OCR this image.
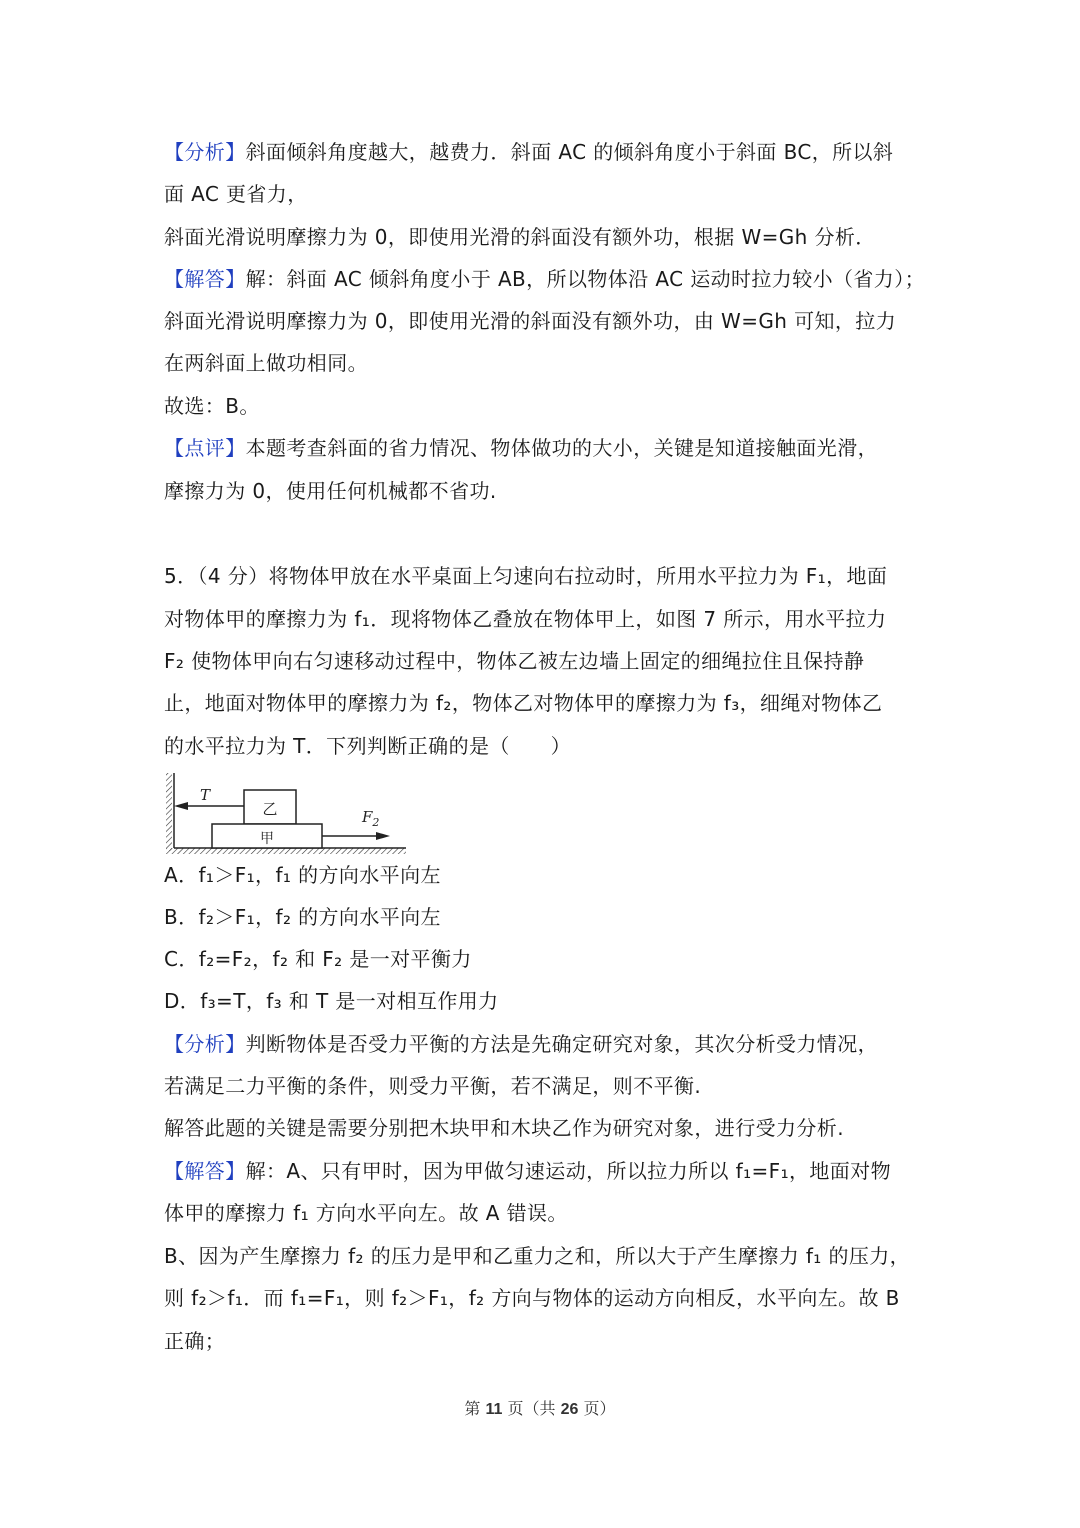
【分析】斜面倾斜角度越大，越费力．斜面 AC 的倾斜角度小于斜面 BC，所以斜
面 AC 更省力，
斜面光滑说明摩擦力为 0，即使用光滑的斜面没有额外功，根据 W=Gh 分析．
【解答】解：斜面 AC 倾斜角度小于 AB，所以物体沿 AC 运动时拉力较小（省力）；
斜面光滑说明摩擦力为 0，即使用光滑的斜面没有额外功，由 W=Gh 可知，拉力
在两斜面上做功相同。
故选：B。
【点评】本题考查斜面的省力情况、物体做功的大小，关键是知道接触面光滑，
摩擦力为 0，使用任何机械都不省功.
5．（4 分）将物体甲放在水平桌面上匀速向右拉动时，所用水平拉力为 F₁，地面
对物体甲的摩擦力为 f₁．现将物体乙叠放在物体甲上，如图 7 所示，用水平拉力
F₂ 使物体甲向右匀速移动过程中，物体乙被左边墙上固定的细绳拉住且保持静
止，地面对物体甲的摩擦力为 f₂，物体乙对物体甲的摩擦力为 f₃，细绳对物体乙
的水平拉力为 T．下列判断正确的是（　　）
乙
甲
T
$F_2$
A．f₁＞F₁，f₁ 的方向水平向左
B．f₂＞F₁，f₂ 的方向水平向左
C．f₂=F₂，f₂ 和 F₂ 是一对平衡力
D．f₃=T，f₃ 和 T 是一对相互作用力
【分析】判断物体是否受力平衡的方法是先确定研究对象，其次分析受力情况，
若满足二力平衡的条件，则受力平衡，若不满足，则不平衡.
解答此题的关键是需要分别把木块甲和木块乙作为研究对象，进行受力分析.
【解答】解：A、只有甲时，因为甲做匀速运动，所以拉力所以 f₁=F₁，地面对物
体甲的摩擦力 f₁ 方向水平向左。故 A 错误。
B、因为产生摩擦力 f₂ 的压力是甲和乙重力之和，所以大于产生摩擦力 f₁ 的压力，
则 f₂＞f₁．而 f₁=F₁，则 f₂＞F₁，f₂ 方向与物体的运动方向相反，水平向左。故 B
正确；
第 11 页（共 26 页）
